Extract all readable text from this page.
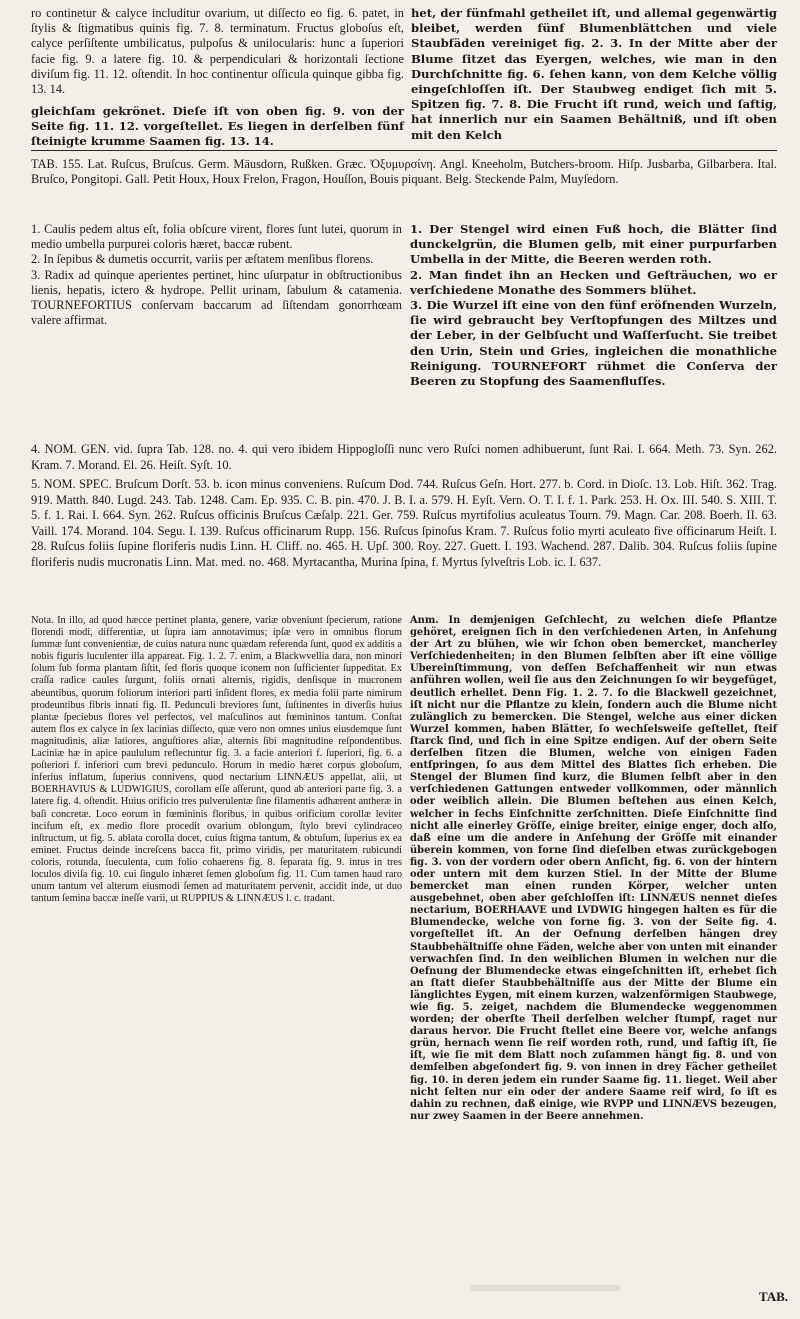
ro continetur & calyce includitur ovarium, ut diſſecto eo fig. 6. patet, in ſtylis & ſtigmatibus quinis fig. 7. 8. terminatum. Fructus globoſus eſt, calyce perſiſtente umbilicatus, pulpoſus & unilocularis: hunc a ſuperiori facie fig. 9. a latere fig. 10. & perpendiculari & horizontali ſectione diviſum fig. 11. 12. oſtendit. In hoc continentur oſſicula quinque gibba fig. 13. 14.

gleichſam gekrönet. Dieſe iſt von oben fig. 9. von der Seite fig. 11. 12. vorgeſtellet. Es liegen in derſelben fünf ſteinigte krumme Saamen fig. 13. 14.

het, der fünfmahl getheilet iſt, und allemal gegenwärtig bleibet, werden fünf Blumenblättchen und viele Staubfäden vereiniget fig. 2. 3. In der Mitte aber der Blume ſitzet das Eyergen, welches, wie man in den Durchſchnitte fig. 6. ſehen kann, von dem Kelche völlig eingeſchloſſen iſt. Der Staubweg endiget ſich mit 5. Spitzen fig. 7. 8. Die Frucht iſt rund, weich und ſaftig, hat innerlich nur ein Saamen Behältniß, und iſt oben mit den Kelch

TAB. 155. Lat. Ruſcus, Bruſcus. Germ. Mäusdorn, Rußken. Græc. Ὀξυμυρσίνη. Angl. Kneeholm, Butchers-broom. Hiſp. Jusbarba, Gilbarbera. Ital. Bruſco, Pongitopi. Gall. Petit Houx, Houx Frelon, Fragon, Houſſon, Bouis piquant. Belg. Steckende Palm, Muyſedorn.

1. Caulis pedem altus eſt, folia obſcure virent, flores ſunt lutei, quorum in medio umbella purpurei coloris hæret, baccæ rubent.
2. In ſepibus & dumetis occurrit, variis per æſtatem menſibus florens.
3. Radix ad quinque aperientes pertinet, hinc uſurpatur in obſtructionibus lienis, hepatis, ictero & hydrope. Pellit urinam, ſabulum & catamenia. TOURNEFORTIUS conſervam baccarum ad ſiſtendam gonorrhœam valere affirmat.

1. Der Stengel wird einen Fuß hoch, die Blätter ſind dunckelgrün, die Blumen gelb, mit einer purpurfarben Umbella in der Mitte, die Beeren werden roth.
2. Man findet ihn an Hecken und Geſträuchen, wo er verſchiedene Monathe des Sommers blühet.
3. Die Wurzel iſt eine von den fünf eröfnenden Wurzeln, ſie wird gebraucht bey Verſtopfungen des Miltzes und der Leber, in der Gelbſucht und Waſſerſucht. Sie treibet den Urin, Stein und Gries, ingleichen die monathliche Reinigung. TOURNEFORT rühmet die Conſerva der Beeren zu Stopfung des Saamenfluſſes.

4. NOM. GEN. vid. ſupra Tab. 128. no. 4. qui vero ibidem Hippogloſſi nunc vero Ruſci nomen adhibuerunt, ſunt Rai. I. 664. Meth. 73. Syn. 262. Kram. 7. Morand. El. 26. Heiſt. Syſt. 10.

5. NOM. SPEC. Bruſcum Dorſt. 53. b. icon minus conveniens. Ruſcum Dod. 744. Ruſcus Geſn. Hort. 277. b. Cord. in Dioſc. 13. Lob. Hiſt. 362. Trag. 919. Matth. 840. Lugd. 243. Tab. 1248. Cam. Ep. 935. C. B. pin. 470. J. B. I. a. 579. H. Eyſt. Vern. O. T. I. f. 1. Park. 253. H. Ox. III. 540. S. XIII. T. 5. f. 1. Rai. I. 664. Syn. 262. Ruſcus officinis Bruſcus Cæſalp. 221. Ger. 759. Ruſcus myrtifolius aculeatus Tourn. 79. Magn. Car. 208. Boerh. II. 63. Vaill. 174. Morand. 104. Segu. I. 139. Ruſcus officinarum Rupp. 156. Ruſcus ſpinoſus Kram. 7. Ruſcus folio myrti aculeato five officinarum Heiſt. I. 28. Ruſcus foliis ſupine floriferis nudis Linn. H. Cliff. no. 465. H. Upſ. 300. Roy. 227. Guett. I. 193. Wachend. 287. Dalib. 304. Ruſcus foliis ſupine floriferis nudis mucronatis Linn. Mat. med. no. 468. Myrtacantha, Murina ſpina, f. Myrtus ſylveſtris Lob. ic. I. 637.

Nota. In illo, ad quod hæcce pertinet planta, genere, variæ obveniunt ſpecierum, ratione florendi modi, differentiæ, ut ſupra iam annotavimus; ipſæ vero in omnibus florum ſummæ ſunt convenientiæ, de cuius natura nunc quædam referenda ſunt, quod ex additis a nobis figuris luculenter illa appareat. Fig. 1. 2. 7. enim, a Blackwvellia dara, non minori ſolum ſub forma plantam ſiſtit, ſed floris quoque iconem non ſufficienter ſuppeditat. Ex craſſa radice caules ſurgunt, foliis ornati alternis, rigidis, denſisque in mucronem abeuntibus, quorum foliorum interiori parti inſident flores, ex media folii parte nimirum prodeuntibus fibris innati fig. II. Pedunculi breviores ſunt, ſuſtinentes in diverſis huius plantæ ſpeciebus flores vel perfectos, vel maſculinos aut fœmininos tantum. Conſtat autem flos ex calyce in ſex lacinias diſſecto, quæ vero non omnes unius eiusdemque ſunt magnitudinis, aliæ latiores, anguſtiores aliæ, alternis ſibi magnitudine reſpondentibus. Laciniæ hæ in apice paululum reflectuntur fig. 3. a facie anteriori f. ſuperiori, fig. 6. a poſteriori f. inferiori cum brevi pedunculo. Horum in medio hæret corpus globoſum, inferius inflatum, ſuperius connivens, quod nectarium LINNÆUS appellat, alii, ut BOERHAVIUS & LUDWIGIUS, corollam eſſe aſſerunt, quod ab anteriori parte fig. 3. a latere fig. 4. oſtendit. Huius orificio tres pulverulentæ ſine filamentis adhærent antheræ in baſi concretæ. Loco eorum in fœmininis floribus, in quibus orificium corollæ leviter incifum eſt, ex medio flore procedit ovarium oblongum, ſtylo brevi cylindraceo inſtructum, ut fig. 5. ablata corolla docet, cuius ſtigma tantum, & obtuſum, ſuperius ex ea eminet. Fructus deinde increſcens bacca fit, primo viridis, per maturitatem rubicundi coloris, rotunda, ſueculenta, cum folio cohaerens fig. 8. ſeparata fig. 9. intus in tres loculos diviſa fig. 10. cui ſingulo inhæret ſemen globoſum fig. 11. Cum tamen haud raro unum tantum vel alterum eiusmodi ſemen ad maturitatem pervenit, accidit inde, ut duo tantum ſemina baccæ ineſſe varii, ut RUPPIUS & LINNÆUS l. c. tradant.

Anm. In demjenigen Geſchlecht, zu welchen dieſe Pflantze gehöret, ereignen ſich in den verſchiedenen Arten, in Anſehung der Art zu blühen, wie wir ſchon oben bemercket, mancherley Verſchiedenheiten; in den Blumen ſelbſten aber iſt eine völlige Ubereinſtimmung, von deſſen Beſchaffenheit wir nun etwas anführen wollen, weil ſie aus den Zeichnungen ſo wir beygefüget, deutlich erhellet. Denn Fig. 1. 2. 7. ſo die Blackwell gezeichnet, iſt nicht nur die Pflantze zu klein, ſondern auch die Blume nicht zulänglich zu bemercken. Die Stengel, welche aus einer dicken Wurzel kommen, haben Blätter, ſo wechſelsweiſe geſtellet, ſteif ſtarck ſind, und ſich in eine Spitze endigen. Auf der obern Seite derſelben ſitzen die Blumen, welche von einigen Faden entſpringen, ſo aus dem Mittel des Blattes ſich erheben. Die Stengel der Blumen ſind kurz, die Blumen ſelbſt aber in den verſchiedenen Gattungen entweder vollkommen, oder männlich oder weiblich allein. Die Blumen beſtehen aus einen Kelch, welcher in ſechs Einſchnitte zerſchnitten. Dieſe Einſchnitte ſind nicht alle einerley Gröſſe, einige breiter, einige enger, doch alſo, daß eine um die andere in Anſehung der Gröſſe mit einander überein kommen, von forne ſind dieſelben etwas zurückgebogen fig. 3. von der vordern oder obern Anſicht, fig. 6. von der hintern oder untern mit dem kurzen Stiel. In der Mitte der Blume bemercket man einen runden Körper, welcher unten ausgebehnet, oben aber geſchloſſen iſt: LINNÆUS nennet dieſes nectarium, BOERHAAVE und LVDWIG hingegen halten es für die Blumendecke, welche von forne fig. 3. von der Seite fig. 4. vorgeſtellet iſt. An der Oefnung derſelben hängen drey Staubbehältniſſe ohne Fäden, welche aber von unten mit einander verwachſen ſind. In den weiblichen Blumen in welchen nur die Oefnung der Blumendecke etwas eingeſchnitten iſt, erhebet ſich an ſtatt dieſer Staubbehältniſſe aus der Mitte der Blume ein länglichtes Eygen, mit einem kurzen, walzenförmigen Staubwege, wie fig. 5. zeiget, nachdem die Blumendecke weggenommen worden; der oberſte Theil derſelben welcher ſtumpf, raget nur daraus hervor. Die Frucht ſtellet eine Beere vor, welche anfangs grün, hernach wenn ſie reif worden roth, rund, und ſaftig iſt, ſie iſt, wie ſie mit dem Blatt noch zuſammen hängt fig. 8. und von demſelben abgeſondert fig. 9. von innen in drey Fächer getheilet fig. 10. in deren jedem ein runder Saame fig. 11. lieget. Weil aber nicht ſelten nur ein oder der andere Saame reif wird, ſo iſt es dahin zu rechnen, daß einige, wie RVPP und LINNÆVS bezeugen, nur zwey Saamen in der Beere annehmen.

TAB.
